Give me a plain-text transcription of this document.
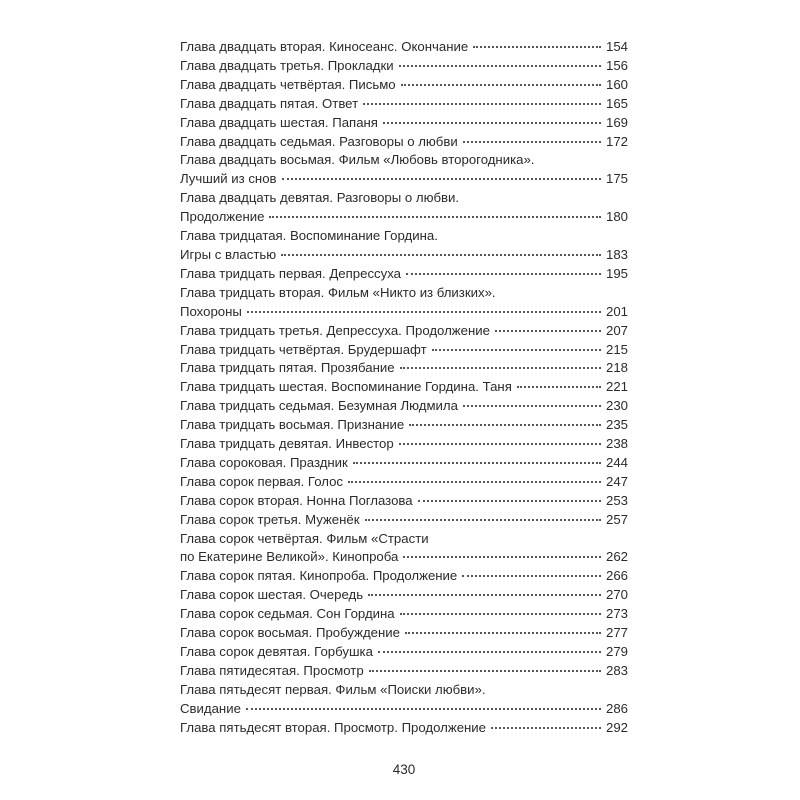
Глава двадцать вторая. Киносеанс. Окончание	154
Глава двадцать третья. Прокладки	156
Глава двадцать четвёртая. Письмо	160
Глава двадцать пятая. Ответ	165
Глава двадцать шестая. Папаня	169
Глава двадцать седьмая. Разговоры о любви	172
Глава двадцать восьмая. Фильм «Любовь второгодника».
Лучший из снов	175
Глава двадцать девятая. Разговоры о любви.
Продолжение	180
Глава тридцатая. Воспоминание Гордина.
Игры с властью	183
Глава тридцать первая. Депрессуха	195
Глава тридцать вторая. Фильм «Никто из близких».
Похороны	201
Глава тридцать третья. Депрессуха. Продолжение	207
Глава тридцать четвёртая. Брудершафт	215
Глава тридцать пятая. Прозябание	218
Глава тридцать шестая. Воспоминание Гордина. Таня	221
Глава тридцать седьмая. Безумная Людмила	230
Глава тридцать восьмая. Признание	235
Глава тридцать девятая. Инвестор	238
Глава сороковая. Праздник	244
Глава сорок первая. Голос	247
Глава сорок вторая. Нонна Поглазова	253
Глава сорок третья. Муженёк	257
Глава сорок четвёртая. Фильм «Страсти
по Екатерине Великой». Кинопроба	262
Глава сорок пятая. Кинопроба. Продолжение	266
Глава сорок шестая. Очередь	270
Глава сорок седьмая. Сон Гордина	273
Глава сорок восьмая. Пробуждение	277
Глава сорок девятая. Горбушка	279
Глава пятидесятая. Просмотр	283
Глава пятьдесят первая. Фильм «Поиски любви».
Свидание	286
Глава пятьдесят вторая. Просмотр. Продолжение	292
430
